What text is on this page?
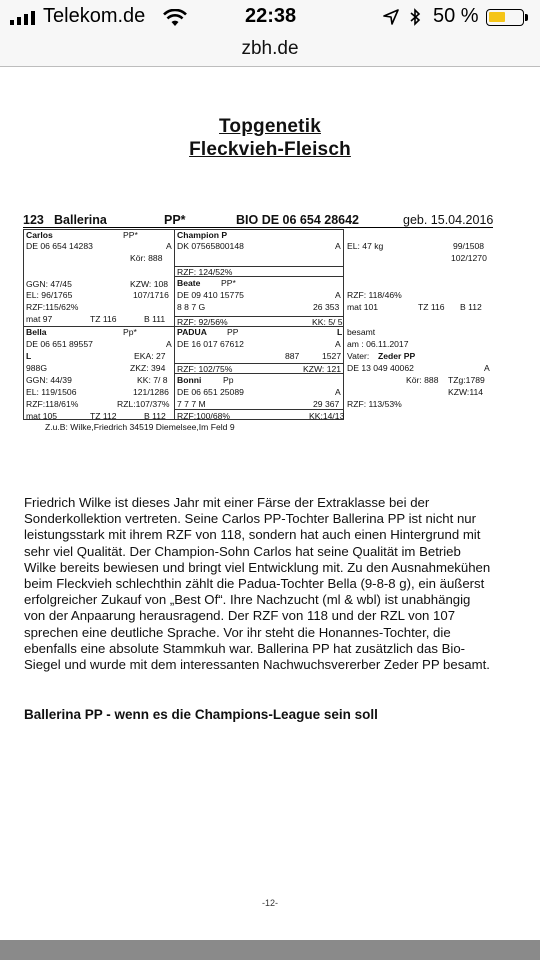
Telekom.de	22:38	50 %
zbh.de
Topgenetik
Fleckvieh-Fleisch
123 Ballerina	PP*	BIO DE 06 654 28642	geb. 15.04.2016
Carlos	PP*
DE 06 654 14283	A
Kör: 888
GGN: 47/45	KZW: 108
EL: 96/1765	107/1716
RZF:115/62%
mat 97	TZ 116	B 111
Champion P
DK 07565800148	A
RZF: 124/52%
Beate PP*
DE 09 410 15775	A
8 8 7 G	26 353
RZF: 92/56%	KK: 5/ 5
EL: 47 kg	99/1508
102/1270
RZF: 118/46%
mat 101	TZ 116 B 112
Bella	Pp*
DE 06 651 89557	A
L	EKA: 27
988G	ZKZ: 394
GGN: 44/39	KK: 7/ 8
EL: 119/1506	121/1286
RZF:118/61%	RZL:107/37%
mat 105	TZ 112	B 112
PADUA PP	L
DE 16 017 67612	A
887	1527
RZF: 102/75%	KZW: 121
Bonni	Pp
DE 06 651 25089	A
7 7 7 M	29 367
RZF:100/68%	KK:14/13
besamt
am : 06.11.2017
Vater: Zeder PP
DE 13 049 40062	A
Kör: 888 TZg:1789
KZW:114
RZF: 113/53%
Z.u.B: Wilke,Friedrich 34519 Diemelsee,Im Feld 9
Friedrich Wilke ist dieses Jahr mit einer Färse der Extraklasse bei der Sonderkollektion vertreten. Seine Carlos PP-Tochter Ballerina PP ist nicht nur leistungsstark mit ihrem RZF von 118, sondern hat auch einen Hintergrund mit sehr viel Qualität. Der Champion-Sohn Carlos hat seine Qualität im Betrieb Wilke bereits bewiesen und bringt viel Entwicklung mit. Zu den Ausnahmekühen beim Fleckvieh schlechthin zählt die Padua-Tochter Bella (9-8-8 g), ein äußerst erfolgreicher Zukauf von „Best Of“. Ihre Nachzucht (ml & wbl) ist unabhängig von der Anpaarung herausragend. Der RZF von 118 und der RZL von 107 sprechen eine deutliche Sprache. Vor ihr steht die Honannes-Tochter, die ebenfalls eine absolute Stammkuh war. Ballerina PP hat zusätzlich das Bio-Siegel und wurde mit dem interessanten Nachwuchsvererber Zeder PP besamt.
Ballerina PP - wenn es die Champions-League sein soll
-12-
